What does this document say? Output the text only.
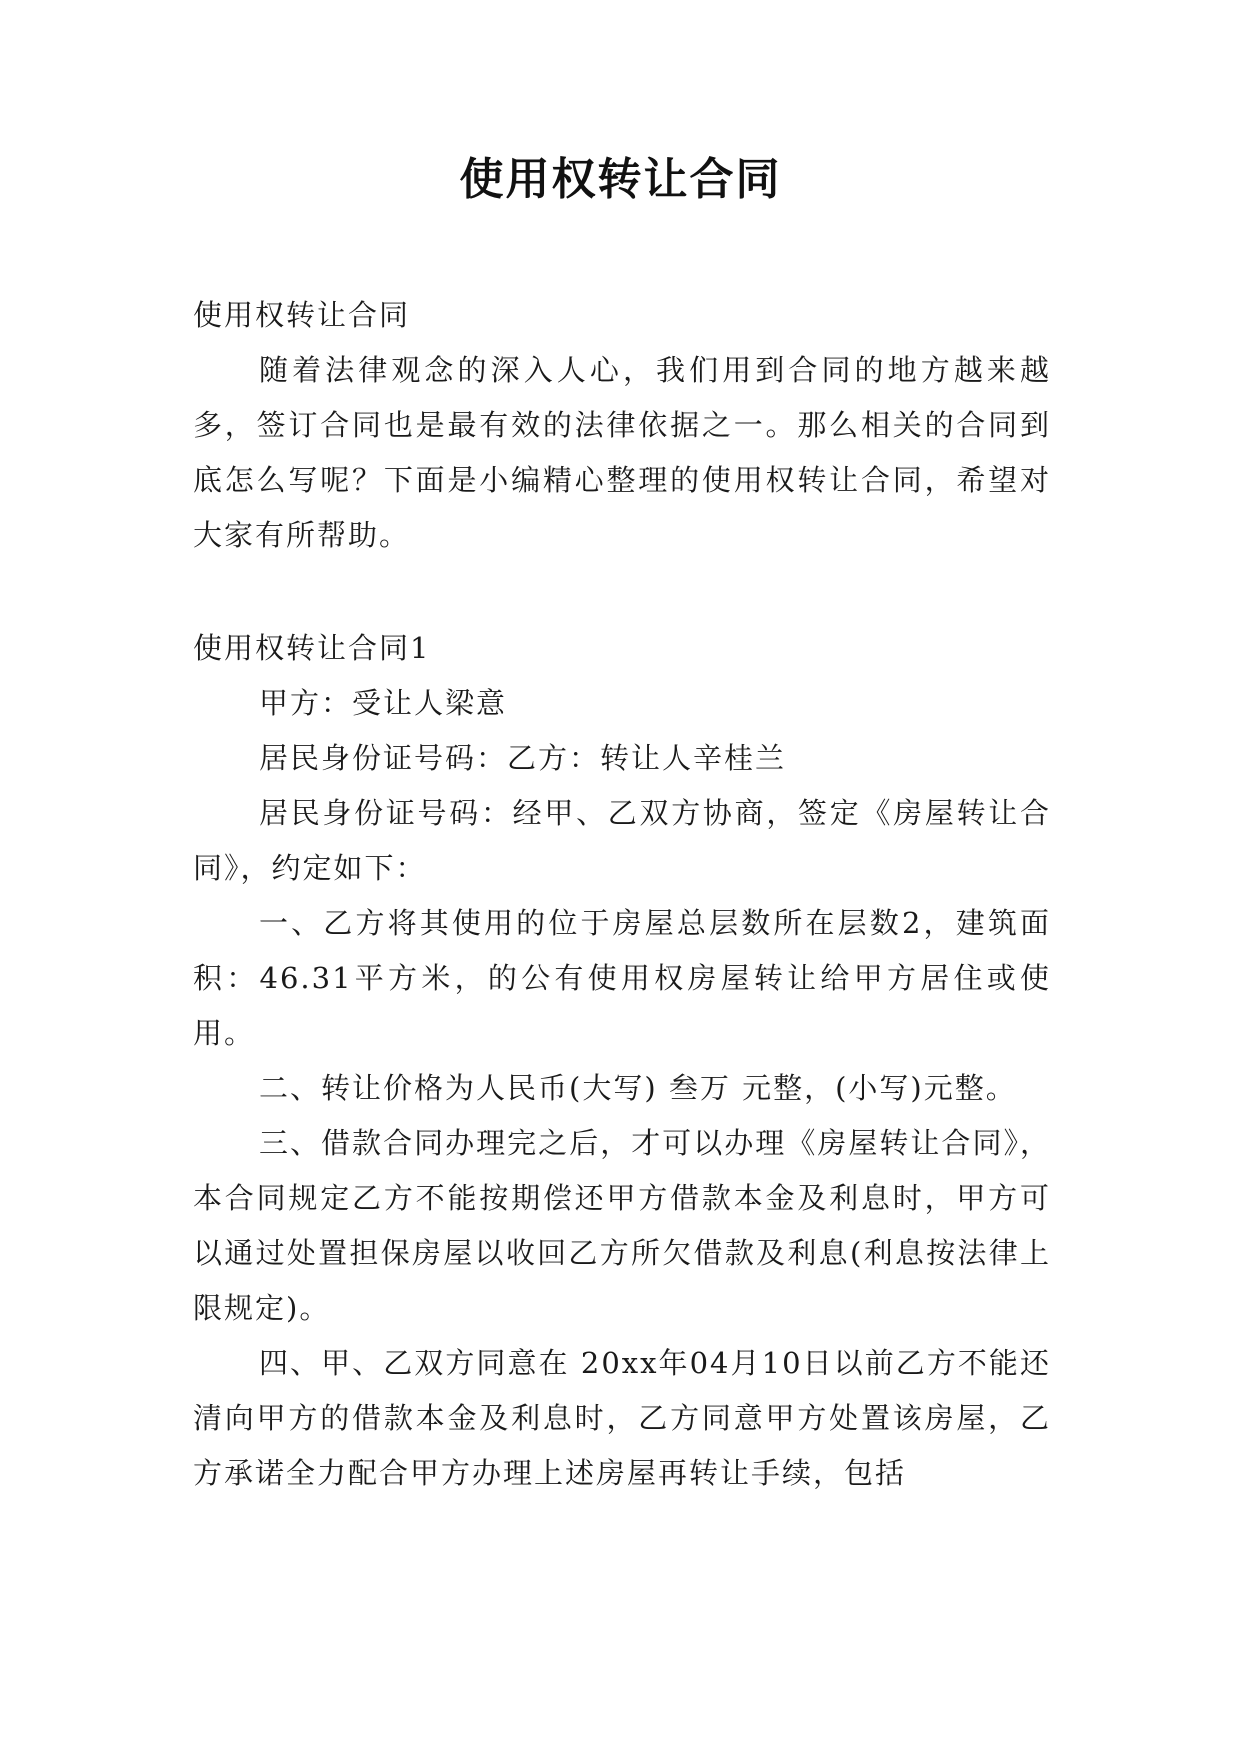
使用权转让合同

使用权转让合同

随着法律观念的深入人心，我们用到合同的地方越来越多，签订合同也是最有效的法律依据之一。那么相关的合同到底怎么写呢？下面是小编精心整理的使用权转让合同，希望对大家有所帮助。

使用权转让合同1

甲方：受让人梁意

居民身份证号码：乙方：转让人辛桂兰

居民身份证号码：经甲、乙双方协商，签定《房屋转让合同》，约定如下：

一、乙方将其使用的位于房屋总层数所在层数2，建筑面积：46.31平方米，的公有使用权房屋转让给甲方居住或使用。

二、转让价格为人民币(大写) 叁万 元整，(小写)元整。

三、借款合同办理完之后，才可以办理《房屋转让合同》，本合同规定乙方不能按期偿还甲方借款本金及利息时，甲方可以通过处置担保房屋以收回乙方所欠借款及利息(利息按法律上限规定)。

四、甲、乙双方同意在 20xx年04月10日以前乙方不能还清向甲方的借款本金及利息时，乙方同意甲方处置该房屋，乙方承诺全力配合甲方办理上述房屋再转让手续，包括
